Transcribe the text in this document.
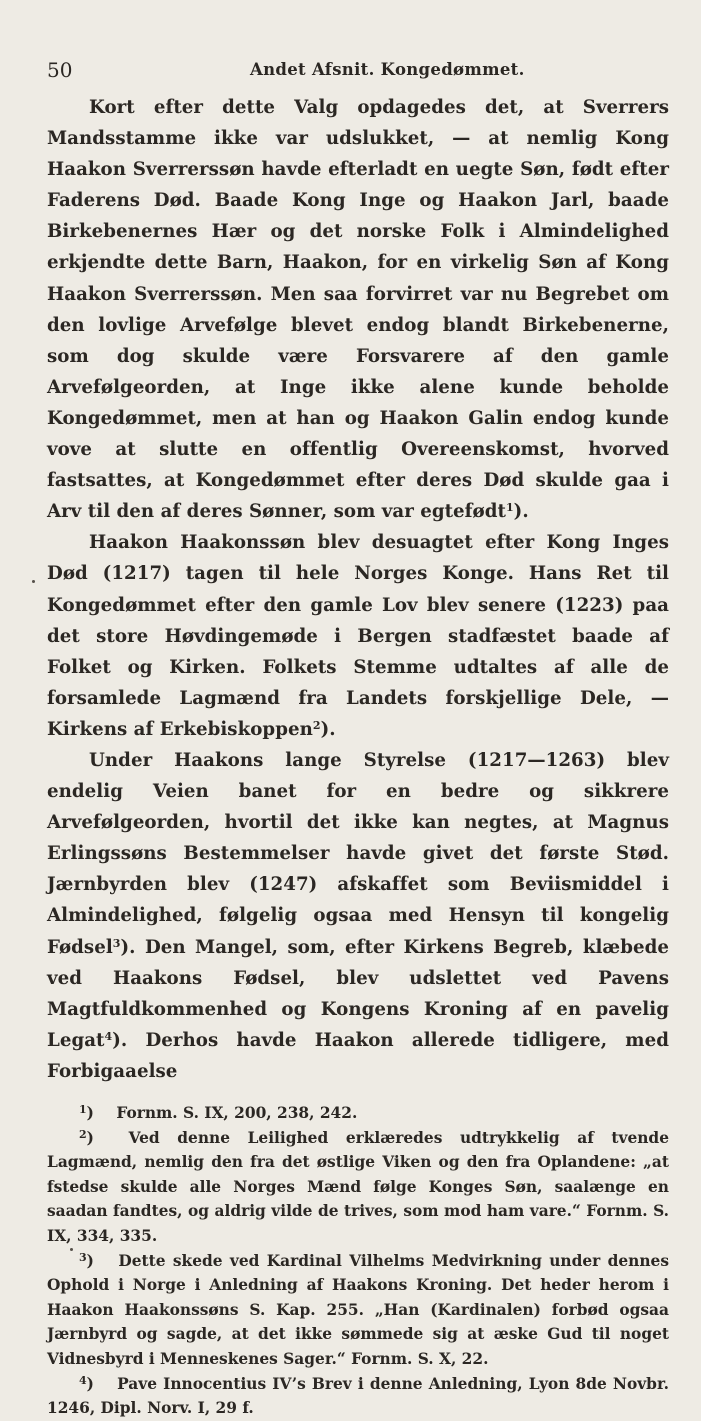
50	Andet Afsnit. Kongedømmet.

Kort efter dette Valg opdagedes det, at Sverrers Mandsstamme ikke var udslukket, — at nemlig Kong Haakon Sverrerssøn havde efterladt en uegte Søn, født efter Faderens Død. Baade Kong Inge og Haakon Jarl, baade Birkebenernes Hær og det norske Folk i Almindelighed erkjendte dette Barn, Haakon, for en virkelig Søn af Kong Haakon Sverrerssøn. Men saa forvirret var nu Begrebet om den lovlige Arvefølge blevet endog blandt Birkebenerne, som dog skulde være Forsvarere af den gamle Arvefølgeorden, at Inge ikke alene kunde beholde Kongedømmet, men at han og Haakon Galin endog kunde vove at slutte en offentlig Overeenskomst, hvorved fastsattes, at Kongedømmet efter deres Død skulde gaa i Arv til den af deres Sønner, som var egtefødt$^1$).

Haakon Haakonssøn blev desuagtet efter Kong Inges Død (1217) tagen til hele Norges Konge. Hans Ret til Kongedømmet efter den gamle Lov blev senere (1223) paa det store Høvdingemøde i Bergen stadfæstet baade af Folket og Kirken. Folkets Stemme udtaltes af alle de forsamlede Lagmænd fra Landets forskjellige Dele, — Kirkens af Erkebiskoppen$^2$).

Under Haakons lange Styrelse (1217—1263) blev endelig Veien banet for en bedre og sikkrere Arvefølgeorden, hvortil det ikke kan negtes, at Magnus Erlingssøns Bestemmelser havde givet det første Stød. Jærnbyrden blev (1247) afskaffet som Beviismiddel i Almindelighed, følgelig ogsaa med Hensyn til kongelig Fødsel$^3$). Den Mangel, som, efter Kirkens Begreb, klæbede ved Haakons Fødsel, blev udslettet ved Pavens Magtfuldkommenhed og Kongens Kroning af en pavelig Legat$^4$). Derhos havde Haakon allerede tidligere, med Forbigaaelse

$^1$) Fornm. S. IX, 200, 238, 242.

$^2$) Ved denne Leilighed erklæredes udtrykkelig af tvende Lagmænd, nemlig den fra det østlige Viken og den fra Oplandene: „at fstedse skulde alle Norges Mænd følge Konges Søn, saalænge en saadan fandtes, og aldrig vilde de trives, som mod ham vare.“ Fornm. S. IX, 334, 335.

$^3$) Dette skede ved Kardinal Vilhelms Medvirkning under dennes Ophold i Norge i Anledning af Haakons Kroning. Det heder herom i Haakon Haakonssøns S. Kap. 255. „Han (Kardinalen) forbød ogsaa Jærnbyrd og sagde, at det ikke sømmede sig at æske Gud til noget Vidnesbyrd i Menneskenes Sager.“ Fornm. S. X, 22.

$^4$) Pave Innocentius IV’s Brev i denne Anledning, Lyon 8de Novbr. 1246, Dipl. Norv. I, 29 f.
